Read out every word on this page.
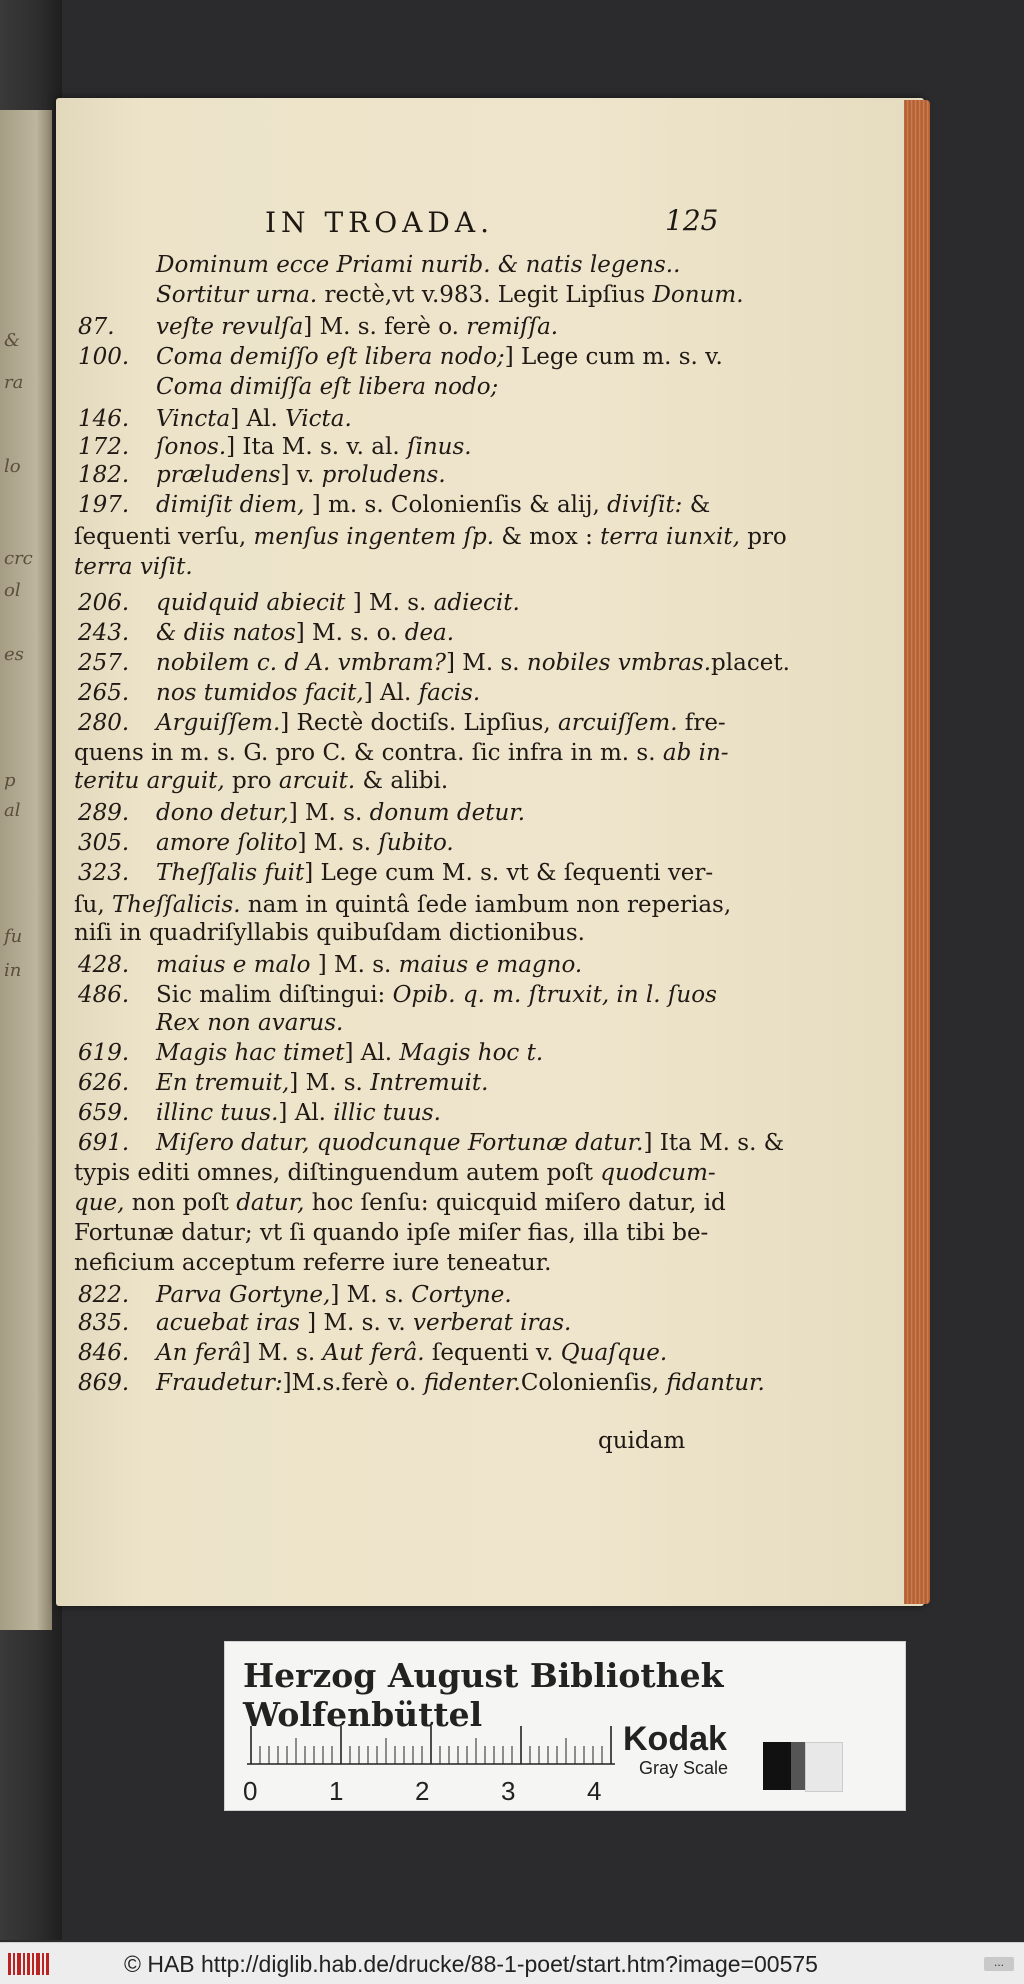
&
ra
lo
crc
ol
es
p
al
fu
in
IN TROADA.	125
Dominum ecce Priami nurib. & natis legens..
Sortitur urna. rectè,vt v.983. Legit Lipſius Donum.
87. veſte revulſa] M. s. ferè o. remiſſa.
100. Coma demiſſo eſt libera nodo;] Lege cum m. s. v.
Coma dimiſſa eſt libera nodo;
146. Vincta] Al. Victa.
172. ſonos.] Ita M. s. v. al. ſinus.
182. præludens] v. proludens.
197. dimiſit diem, ] m. s. Colonienſis & alij, diviſit: &
ſequenti verſu, menſus ingentem ſp. & mox : terra iunxit, pro
terra viſit.
206. quidquid abiecit ] M. s. adiecit.
243. & diis natos] M. s. o. dea.
257. nobilem c. d A. vmbram?] M. s. nobiles vmbras.placet.
265. nos tumidos facit,] Al. facis.
280. Arguiſſem.] Rectè doctiſs. Lipſius, arcuiſſem. fre-
quens in m. s. G. pro C. & contra. ſic infra in m. s. ab in-
teritu arguit, pro arcuit. & alibi.
289. dono detur,] M. s. donum detur.
305. amore ſolito] M. s. ſubito.
323. Theſſalis fuit] Lege cum M. s. vt & ſequenti ver-
ſu, Theſſalicis. nam in quintâ ſede iambum non reperias,
niſi in quadriſyllabis quibuſdam dictionibus.
428. maius e malo ] M. s. maius e magno.
486. Sic malim diſtingui: Opib. q. m. ſtruxit, in l. ſuos
Rex non avarus.
619. Magis hac timet] Al. Magis hoc t.
626. En tremuit,] M. s. Intremuit.
659. illinc tuus.] Al. illic tuus.
691. Miſero datur, quodcunque Fortunæ datur.] Ita M. s. &
typis editi omnes, diſtinguendum autem poſt quodcum-
que, non poſt datur, hoc ſenſu: quicquid miſero datur, id
Fortunæ datur; vt ſi quando ipſe miſer fias, illa tibi be-
neficium acceptum referre iure teneatur.
822. Parva Gortyne,] M. s. Cortyne.
835. acuebat iras ] M. s. v. verberat iras.
846. An ferâ] M. s. Aut ferâ. ſequenti v. Quaſque.
869. Fraudetur:]M.s.ferè o. fidenter.Colonienſis, fidantur.
quidam
Herzog August Bibliothek Wolfenbüttel
0	1	2	3	4
Kodak
Gray Scale
© HAB http://diglib.hab.de/drucke/88-1-poet/start.htm?image=00575	...
